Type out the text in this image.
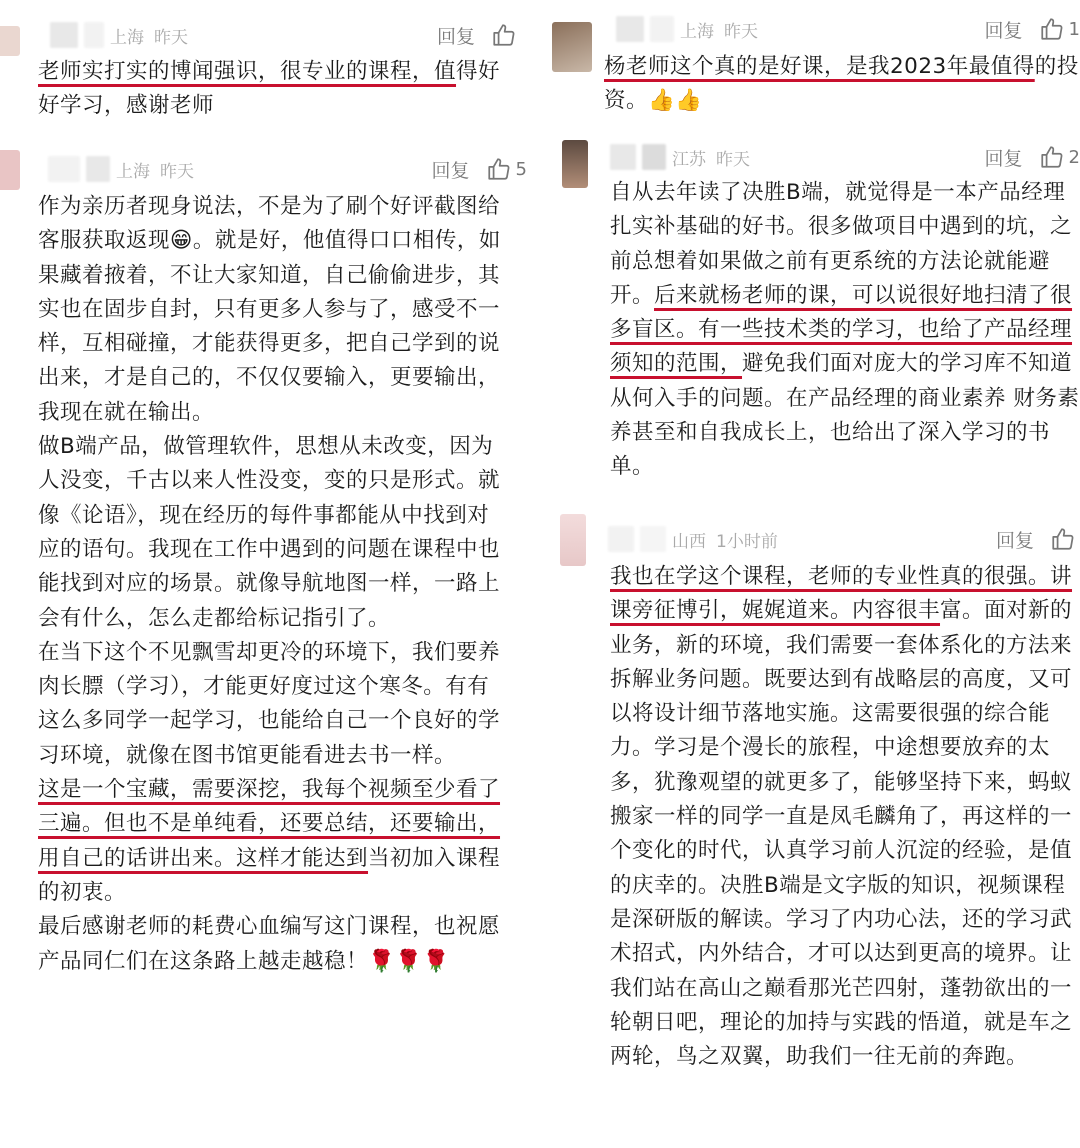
上海 昨天	回复

老师实打实的博闻强识，很专业的课程，值得好好学习，感谢老师

上海 昨天	回复	5

作为亲历者现身说法，不是为了刷个好评截图给客服获取返现😁。就是好，他值得口口相传，如果藏着掖着，不让大家知道，自己偷偷进步，其实也在固步自封，只有更多人参与了，感受不一样，互相碰撞，才能获得更多，把自己学到的说出来，才是自己的，不仅仅要输入，更要输出，我现在就在输出。

做B端产品，做管理软件，思想从未改变，因为人没变，千古以来人性没变，变的只是形式。就像《论语》，现在经历的每件事都能从中找到对应的语句。我现在工作中遇到的问题在课程中也能找到对应的场景。就像导航地图一样，一路上会有什么，怎么走都给标记指引了。

在当下这个不见飘雪却更冷的环境下，我们要养肉长膘（学习），才能更好度过这个寒冬。有有这么多同学一起学习，也能给自己一个良好的学习环境，就像在图书馆更能看进去书一样。

这是一个宝藏，需要深挖，我每个视频至少看了三遍。但也不是单纯看，还要总结，还要输出，用自己的话讲出来。这样才能达到当初加入课程的初衷。

最后感谢老师的耗费心血编写这门课程，也祝愿产品同仁们在这条路上越走越稳！🌹🌹🌹

上海 昨天	回复	1

杨老师这个真的是好课，是我2023年最值得的投资。👍👍

江苏 昨天	回复	2

自从去年读了决胜B端，就觉得是一本产品经理扎实补基础的好书。很多做项目中遇到的坑，之前总想着如果做之前有更系统的方法论就能避开。后来就杨老师的课，可以说很好地扫清了很多盲区。有一些技术类的学习，也给了产品经理须知的范围，避免我们面对庞大的学习库不知道从何入手的问题。在产品经理的商业素养 财务素养甚至和自我成长上，也给出了深入学习的书单。

山西 1小时前	回复

我也在学这个课程，老师的专业性真的很强。讲课旁征博引，娓娓道来。内容很丰富。面对新的业务，新的环境，我们需要一套体系化的方法来拆解业务问题。既要达到有战略层的高度，又可以将设计细节落地实施。这需要很强的综合能力。学习是个漫长的旅程，中途想要放弃的太多，犹豫观望的就更多了，能够坚持下来，蚂蚁搬家一样的同学一直是凤毛麟角了，再这样的一个变化的时代，认真学习前人沉淀的经验，是值的庆幸的。决胜B端是文字版的知识，视频课程是深研版的解读。学习了内功心法，还的学习武术招式，内外结合，才可以达到更高的境界。让我们站在高山之巅看那光芒四射，蓬勃欲出的一轮朝日吧，理论的加持与实践的悟道，就是车之两轮，鸟之双翼，助我们一往无前的奔跑。
